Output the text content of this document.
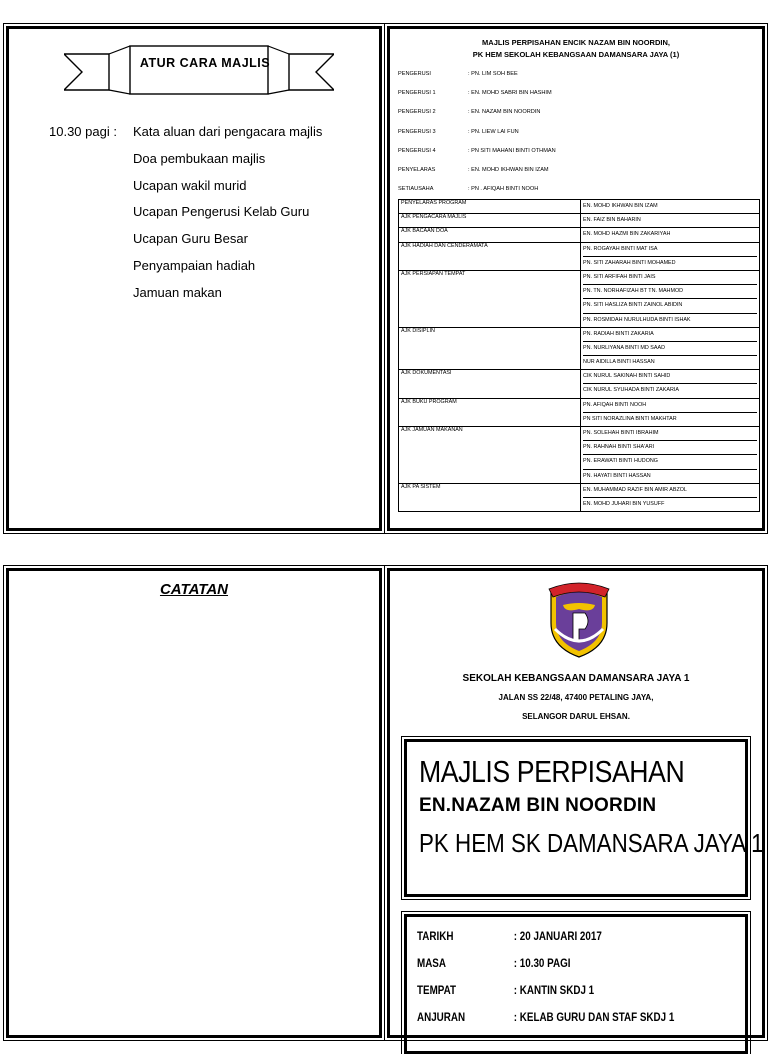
ATUR CARA MAJLIS
10.30 pagi : Kata aluan dari pengacara majlis
Doa pembukaan majlis
Ucapan wakil murid
Ucapan Pengerusi Kelab Guru
Ucapan Guru Besar
Penyampaian hadiah
Jamuan makan
MAJLIS PERPISAHAN ENCIK NAZAM BIN NOORDIN,
PK HEM SEKOLAH KEBANGSAAN DAMANSARA JAYA (1)
PENGERUSI	: PN. LIM SOH BEE
PENGERUSI 1	: EN. MOHD SABRI BIN HASHIM
PENGERUSI 2	: EN. NAZAM BIN NOORDIN
PENGERUSI 3	: PN. LIEW LAI FUN
PENGERUSI 4	: PN SITI MAHANI BINTI OTHMAN
PENYELARAS	: EN. MOHD IKHWAN BIN IZAM
SETIAUSAHA	: PN . AFIQAH BINTI NOOH
PENYELARAS PROGRAM	EN. MOHD IKHWAN BIN IZAM

AJK PENGACARA MAJLIS	EN. FAIZ BIN BAHARIN

AJK BACAAN DOA	EN. MOHD HAZMI BIN ZAKARIYAH

AJK HADIAH DAN CENDERAMATA	PN. ROGAYAH BINTI MAT ISA
PN. SITI ZAHARAH BINTI MOHAMED

AJK PERSIAPAN TEMPAT	PN. SITI ARFIFAH BINTI JAIS
PN. TN. NORHAFIZAH BT TN. MAHMOD
PN. SITI HASLIZA BINTI ZAINOL ABIDIN
PN. ROSMIDAH NURULHUDA BINTI ISHAK

AJK DISIPLIN	PN. RADIAH BINTI ZAKARIA
PN. NURLIYANA BINTI MD SAAD
NUR AIDILLA BINTI HASSAN

AJK DOKUMENTASI	CIK NURUL SAKINAH BINTI SAHID
CIK NURUL SYUHADA BINTI ZAKARIA

AJK BUKU PROGRAM	PN. AFIQAH BINTI NOOH
PN SITI NORAZLINA BINTI MAKHTAR

AJK JAMUAN MAKANAN	PN. SOLEHAH BINTI IBRAHIM
PN. RAHNAH BINTI SHA'ARI
PN. ERAWATI BINTI HUDONG
PN. HAYATI BINTI HASSAN

AJK PA SISTEM	EN. MUHAMMAD RAZIF BIN AMIR ABZOL
EN. MOHD JUHARI BIN YUSUFF
CATATAN
SEKOLAH KEBANGSAAN DAMANSARA JAYA 1
JALAN SS 22/48, 47400 PETALING JAYA,
SELANGOR DARUL EHSAN.
MAJLIS PERPISAHAN
EN.NAZAM BIN NOORDIN
PK HEM SK DAMANSARA JAYA 1
TARIKH	: 20 JANUARI 2017
MASA	: 10.30 PAGI
TEMPAT	: KANTIN SKDJ 1
ANJURAN	: KELAB GURU DAN STAF SKDJ 1
